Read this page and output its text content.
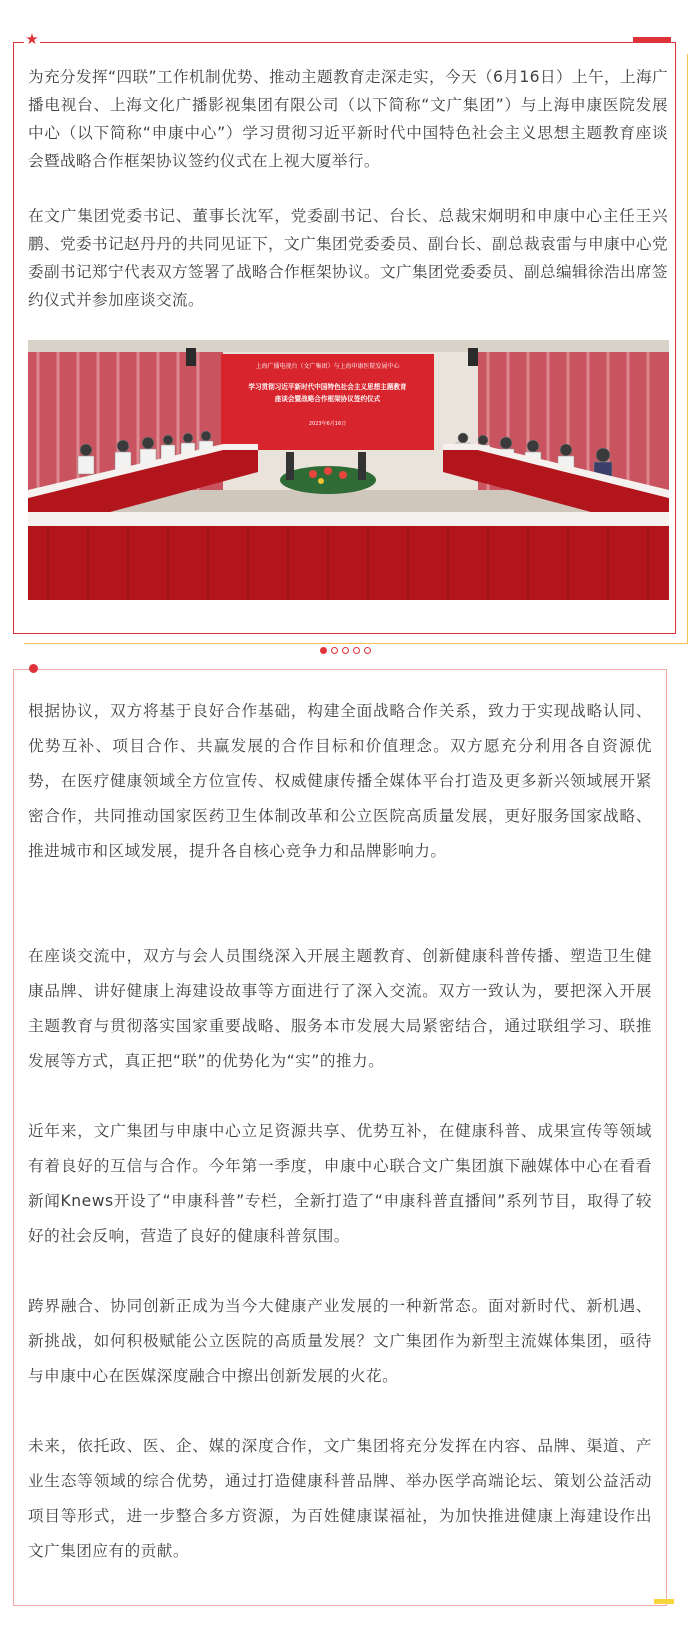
★

为充分发挥“四联”工作机制优势、推动主题教育走深走实，今天（6月16日）上午，上海广播电视台、上海文化广播影视集团有限公司（以下简称“文广集团”）与上海申康医院发展中心（以下简称“申康中心”）学习贯彻习近平新时代中国特色社会主义思想主题教育座谈会暨战略合作框架协议签约仪式在上视大厦举行。

在文广集团党委书记、董事长沈军，党委副书记、台长、总裁宋炯明和申康中心主任王兴鹏、党委书记赵丹丹的共同见证下，文广集团党委委员、副台长、副总裁袁雷与申康中心党委副书记郑宁代表双方签署了战略合作框架协议。文广集团党委委员、副总编辑徐浩出席签约仪式并参加座谈交流。

上海广播电视台（文广集团）与上海申康医院发展中心
学习贯彻习近平新时代中国特色社会主义思想主题教育
座谈会暨战略合作框架协议签约仪式
2023年6月16日

根据协议，双方将基于良好合作基础，构建全面战略合作关系，致力于实现战略认同、优势互补、项目合作、共赢发展的合作目标和价值理念。双方愿充分利用各自资源优势，在医疗健康领域全方位宣传、权威健康传播全媒体平台打造及更多新兴领域展开紧密合作，共同推动国家医药卫生体制改革和公立医院高质量发展，更好服务国家战略、推进城市和区域发展，提升各自核心竞争力和品牌影响力。

在座谈交流中，双方与会人员围绕深入开展主题教育、创新健康科普传播、塑造卫生健康品牌、讲好健康上海建设故事等方面进行了深入交流。双方一致认为，要把深入开展主题教育与贯彻落实国家重要战略、服务本市发展大局紧密结合，通过联组学习、联推发展等方式，真正把“联”的优势化为“实”的推力。

近年来，文广集团与申康中心立足资源共享、优势互补，在健康科普、成果宣传等领域有着良好的互信与合作。今年第一季度，申康中心联合文广集团旗下融媒体中心在看看新闻Knews开设了“申康科普”专栏，全新打造了“申康科普直播间”系列节目，取得了较好的社会反响，营造了良好的健康科普氛围。

跨界融合、协同创新正成为当今大健康产业发展的一种新常态。面对新时代、新机遇、新挑战，如何积极赋能公立医院的高质量发展？文广集团作为新型主流媒体集团，亟待与申康中心在医媒深度融合中擦出创新发展的火花。

未来，依托政、医、企、媒的深度合作，文广集团将充分发挥在内容、品牌、渠道、产业生态等领域的综合优势，通过打造健康科普品牌、举办医学高端论坛、策划公益活动项目等形式，进一步整合多方资源，为百姓健康谋福祉，为加快推进健康上海建设作出文广集团应有的贡献。
